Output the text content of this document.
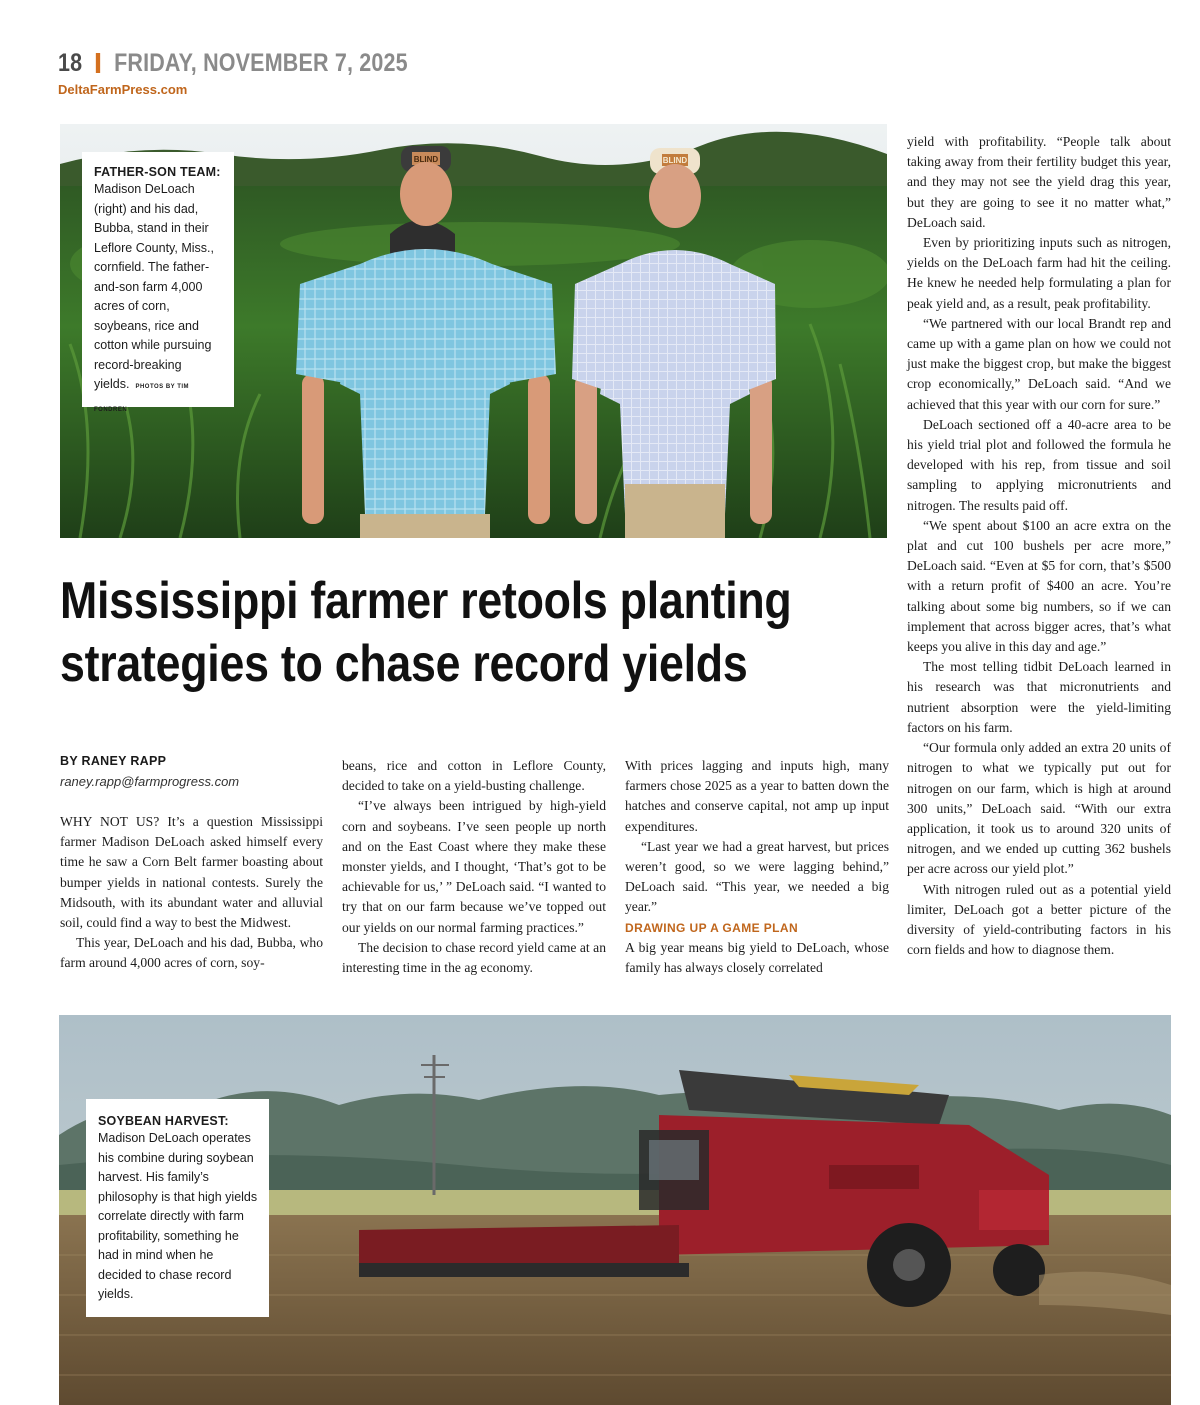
18 FRIDAY, NOVEMBER 7, 2025
DeltaFarmPress.com
BLIND	BLIND
FATHER-SON TEAM:
Madison DeLoach (right) and his dad, Bubba, stand in their Leflore County, Miss., cornfield. The father-and-son farm 4,000 acres of corn, soybeans, rice and cotton while pursuing record-breaking yields. PHOTOS BY TIM FONDREN
Mississippi farmer retools planting strategies to chase record yields
BY RANEY RAPP
raney.rapp@farmprogress.com

WHY NOT US? It’s a question Mississippi farmer Madison DeLoach asked himself every time he saw a Corn Belt farmer boasting about bumper yields in national contests. Surely the Midsouth, with its abundant water and alluvial soil, could find a way to best the Midwest.

This year, DeLoach and his dad, Bubba, who farm around 4,000 acres of corn, soy-

beans, rice and cotton in Leflore County, decided to take on a yield-busting challenge.

“I’ve always been intrigued by high-yield corn and soybeans. I’ve seen people up north and on the East Coast where they make these monster yields, and I thought, ‘That’s got to be achievable for us,’ ” DeLoach said. “I wanted to try that on our farm because we’ve topped out our yields on our normal farming practices.”

The decision to chase record yield came at an interesting time in the ag economy.

With prices lagging and inputs high, many farmers chose 2025 as a year to batten down the hatches and conserve capital, not amp up input expenditures.

“Last year we had a great harvest, but prices weren’t good, so we were lagging behind,” DeLoach said. “This year, we needed a big year.”

DRAWING UP A GAME PLAN

A big year means big yield to DeLoach, whose family has always closely correlated

yield with profitability. “People talk about taking away from their fertility budget this year, and they may not see the yield drag this year, but they are going to see it no matter what,” DeLoach said.

Even by prioritizing inputs such as nitrogen, yields on the DeLoach farm had hit the ceiling. He knew he needed help formulating a plan for peak yield and, as a result, peak profitability.

“We partnered with our local Brandt rep and came up with a game plan on how we could not just make the biggest crop, but make the biggest crop economically,” DeLoach said. “And we achieved that this year with our corn for sure.”

DeLoach sectioned off a 40-acre area to be his yield trial plot and followed the formula he developed with his rep, from tissue and soil sampling to applying micronutrients and nitrogen. The results paid off.

“We spent about $100 an acre extra on the plat and cut 100 bushels per acre more,” DeLoach said. “Even at $5 for corn, that’s $500 with a return profit of $400 an acre. You’re talking about some big numbers, so if we can implement that across bigger acres, that’s what keeps you alive in this day and age.”

The most telling tidbit DeLoach learned in his research was that micronutrients and nutrient absorption were the yield-limiting factors on his farm.

“Our formula only added an extra 20 units of nitrogen to what we typically put out for nitrogen on our farm, which is high at around 300 units,” DeLoach said. “With our extra application, it took us to around 320 units of nitrogen, and we ended up cutting 362 bushels per acre across our yield plot.”

With nitrogen ruled out as a potential yield limiter, DeLoach got a better picture of the diversity of yield-contributing factors in his corn fields and how to diagnose them.

SOYBEAN HARVEST:
Madison DeLoach operates his combine during soybean harvest. His family’s philosophy is that high yields correlate directly with farm profitability, something he had in mind when he decided to chase record yields.
